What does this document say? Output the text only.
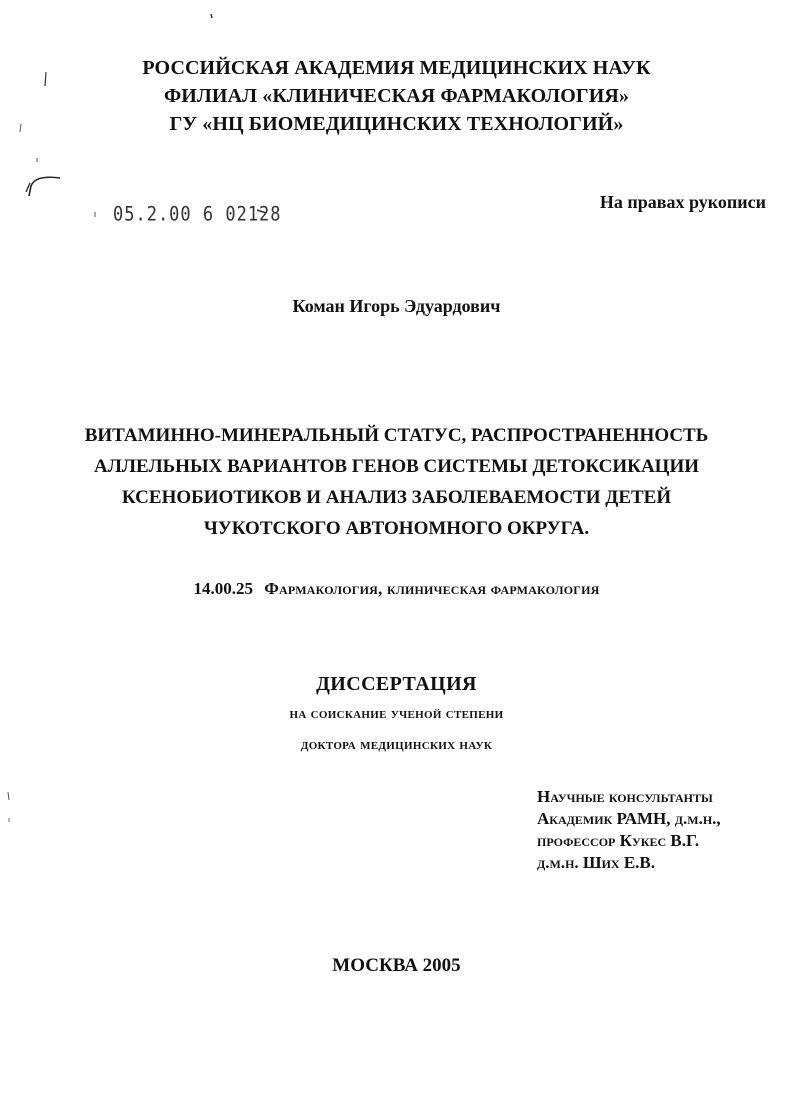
РОССИЙСКАЯ АКАДЕМИЯ МЕДИЦИНСКИХ НАУК
ФИЛИАЛ «КЛИНИЧЕСКАЯ ФАРМАКОЛОГИЯ»
ГУ «НЦ БИОМЕДИЦИНСКИХ ТЕХНОЛОГИЙ»
05.2.00 6 02128
На правах рукописи
Коман Игорь Эдуардович
ВИТАМИННО-МИНЕРАЛЬНЫЙ СТАТУС, РАСПРОСТРАНЕННОСТЬ
АЛЛЕЛЬНЫХ ВАРИАНТОВ ГЕНОВ СИСТЕМЫ ДЕТОКСИКАЦИИ
КСЕНОБИОТИКОВ И АНАЛИЗ ЗАБОЛЕВАЕМОСТИ ДЕТЕЙ
ЧУКОТСКОГО АВТОНОМНОГО ОКРУГА.
14.00.25 Фармакология, клиническая фармакология
ДИССЕРТАЦИЯ
на соискание ученой степени
доктора медицинских наук
Научные консультанты
Академик РАМН, д.м.н.,
профессор Кукес В.Г.
д.м.н. Ших Е.В.
МОСКВА 2005
